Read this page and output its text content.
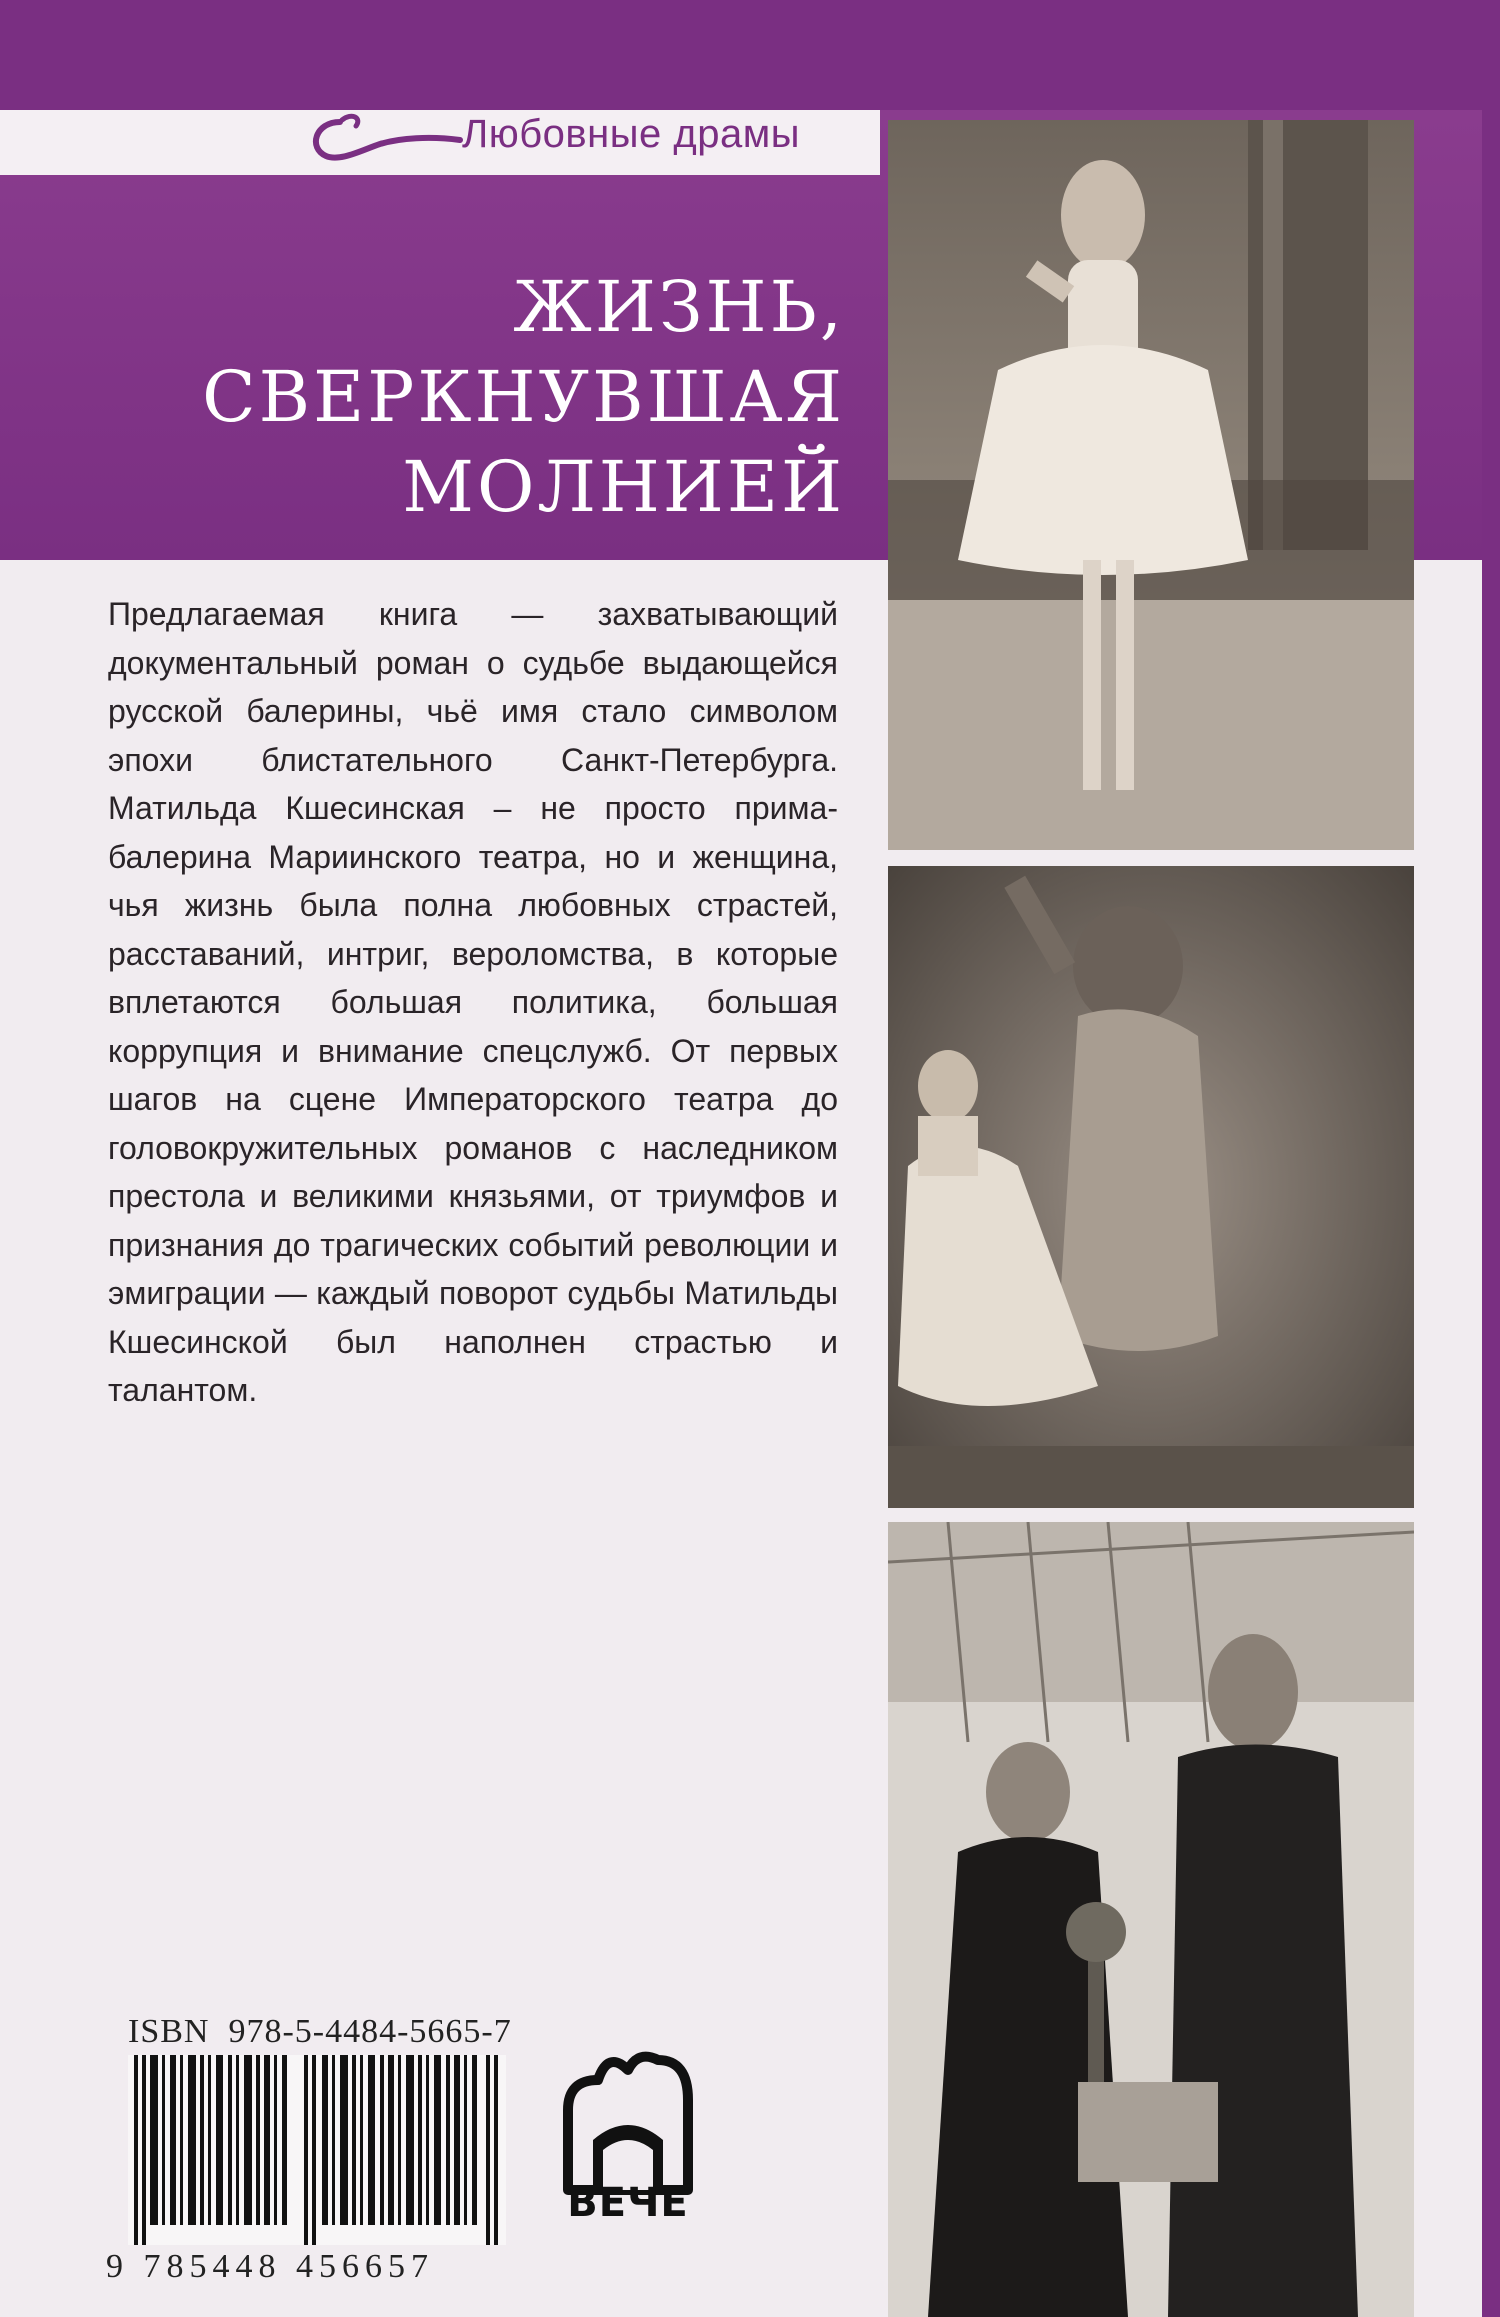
Любовные драмы
ЖИЗНЬ,
СВЕРКНУВШАЯ
МОЛНИЕЙ
Предлагаемая книга — захватывающий документальный роман о судьбе выдающейся русской балерины, чьё имя стало символом эпохи блистательного Санкт-Петербурга. Матильда Кшесинская – не просто прима-балерина Мариинского театра, но и женщина, чья жизнь была полна любовных страстей, расставаний, интриг, вероломства, в которые вплетаются большая политика, большая коррупция и внимание спецслужб. От первых шагов на сцене Императорского театра до головокружительных романов с наследником престола и великими князьями, от триумфов и признания до трагических событий революции и эмиграции — каждый поворот судьбы Матильды Кшесинской был наполнен страстью и талантом.
ISBN 978-5-4484-5665-7
9 785448 456657
ВЕЧЕ
